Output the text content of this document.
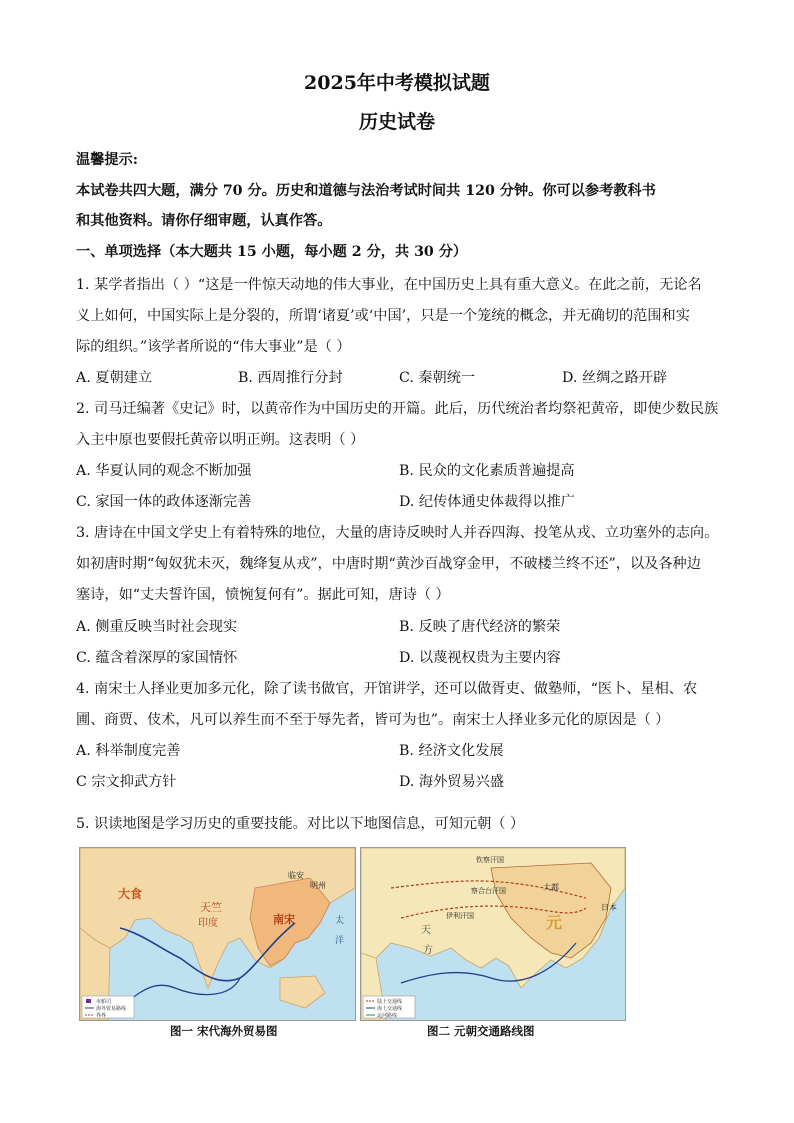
2025年中考模拟试题
历史试卷
温馨提示:
本试卷共四大题，满分 70 分。历史和道德与法治考试时间共 120 分钟。你可以参考教科书
和其他资料。请你仔细审题，认真作答。
一、单项选择（本大题共 15 小题，每小题 2 分，共 30 分）
1. 某学者指出（ ）“这是一件惊天动地的伟大事业，在中国历史上具有重大意义。在此之前，无论名
义上如何，中国实际上是分裂的，所谓‘诸夏’或‘中国’，只是一个笼统的概念，并无确切的范围和实
际的组织。”该学者所说的“伟大事业”是（ ）
A. 夏朝建立	B. 西周推行分封	C. 秦朝统一	D. 丝绸之路开辟
2. 司马迁编著《史记》时，以黄帝作为中国历史的开篇。此后，历代统治者均祭祀黄帝，即使少数民族
入主中原也要假托黄帝以明正朔。这表明（ ）
A. 华夏认同的观念不断加强	B. 民众的文化素质普遍提高
C. 家国一体的政体逐渐完善	D. 纪传体通史体裁得以推广
3. 唐诗在中国文学史上有着特殊的地位，大量的唐诗反映时人并吞四海、投笔从戎、立功塞外的志向。
如初唐时期“匈奴犹未灭，魏绛复从戎”，中唐时期“黄沙百战穿金甲，不破楼兰终不还”，以及各种边
塞诗，如“丈夫誓许国，愤惋复何有”。据此可知，唐诗（ ）
A. 侧重反映当时社会现实	B. 反映了唐代经济的繁荣
C. 蕴含着深厚的家国情怀	D. 以蔑视权贵为主要内容
4. 南宋士人择业更加多元化，除了读书做官，开馆讲学，还可以做胥吏、做塾师，“医卜、星相、农
圃、商贾、伎术，凡可以养生而不至于辱先者，皆可为也”。南宋士人择业多元化的原因是（ ）
A. 科举制度完善	B. 经济文化发展
C 宗文抑武方针	D. 海外贸易兴盛
5. 识读地图是学习历史的重要技能。对比以下地图信息，可知元朝（ ）
大食
天竺
印度	南宋
临安
明州
太
洋
市舶司
海外贸易路线
界界
图一 宋代海外贸易图
钦察汗国
察合台汗国
伊利汗国
大都
元
天
方
日本
陆上交通线
海上交通线
运河路线
图二 元朝交通路线图
